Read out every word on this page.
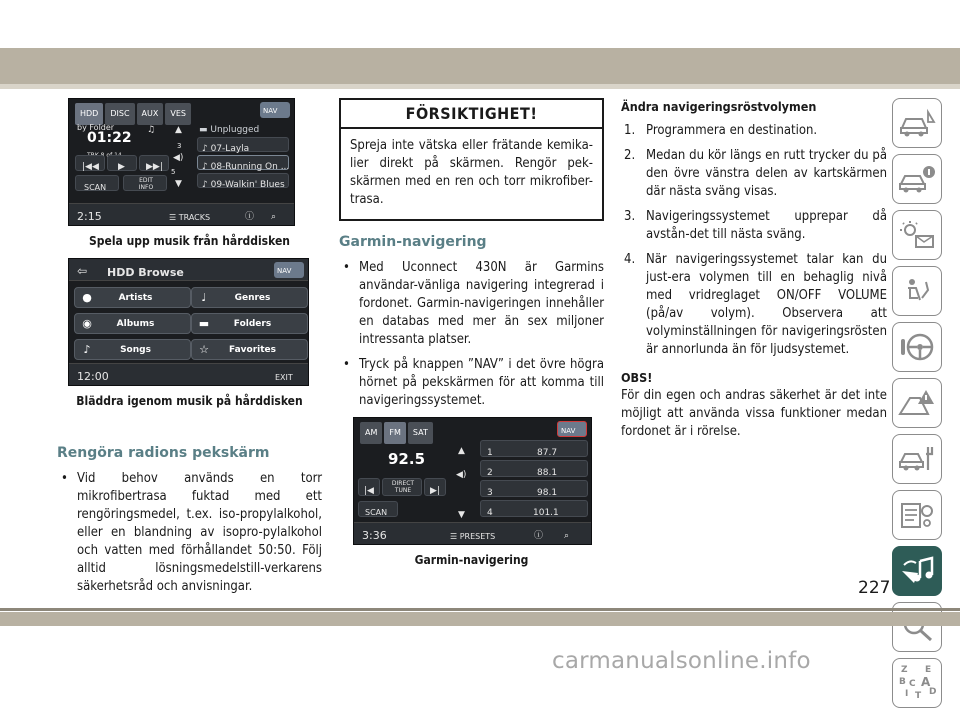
HDD	DISC	AUX	VES	NAV
by Folder
01:22 ♫ ▲
3
◀)
5
▼
▬ Unplugged
♪ 07-Layla
♪ 08-Running On ...
♪ 09-Walkin' Blues
|◀◀ ▶ ▶▶|
SCAN
EDIT INFO
2:15	☰ TRACKS	ⓘ ⌕
Spela upp musik från hårddisken
⇦ HDD Browse	NAV
●	Artists	♩	Genres
◉	Albums	▬	Folders
♪	Songs	☆	Favorites
12:00	EXIT
Bläddra igenom musik på hårddisken
Rengöra radions pekskärm
• Vid behov används en torr mikrofibertrasa fuktad med ett rengöringsmedel, t.ex. iso-propylalkohol, eller en blandning av isopro-pylalkohol och vatten med förhållandet 50:50. Följ alltid lösningsmedelstill-verkarens säkerhetsråd och anvisningar.
FÖRSIKTIGHET!
Spreja inte vätska eller frätande kemika-lier direkt på skärmen. Rengör pek-skärmen med en ren och torr mikrofiber-trasa.
Garmin-navigering
• Med Uconnect 430N är Garmins användar-vänliga navigering integrerad i fordonet. Garmin-navigeringen innehåller en databas med mer än sex miljoner intressanta platser.
• Tryck på knappen ”NAV” i det övre högra hörnet på pekskärmen för att komma till navigeringssystemet.
AM	FM	SAT	NAV
92.5	▲
◀)
▼
|◀
DIRECT TUNE	▶|
SCAN
1	87.7
2	88.1
3	98.1
4	101.1
3:36	☰ PRESETS	ⓘ ⌕
Garmin-navigering
Ändra navigeringsröstvolymen
1. Programmera en destination.
2. Medan du kör längs en rutt trycker du på den övre vänstra delen av kartskärmen där nästa sväng visas.
3. Navigeringssystemet upprepar då avstån-det till nästa sväng.
4. När navigeringssystemet talar kan du just-era volymen till en behaglig nivå med vridreglaget ON/OFF VOLUME (på/av volym). Observera att volyminställningen för navigeringsrösten är annorlunda än för ljudsystemet.
OBS!
För din egen och andras säkerhet är det inte möjligt att använda vissa funktioner medan fordonet är i rörelse.
Z E
B A
C
D
I T
227
carmanualsonline.info
